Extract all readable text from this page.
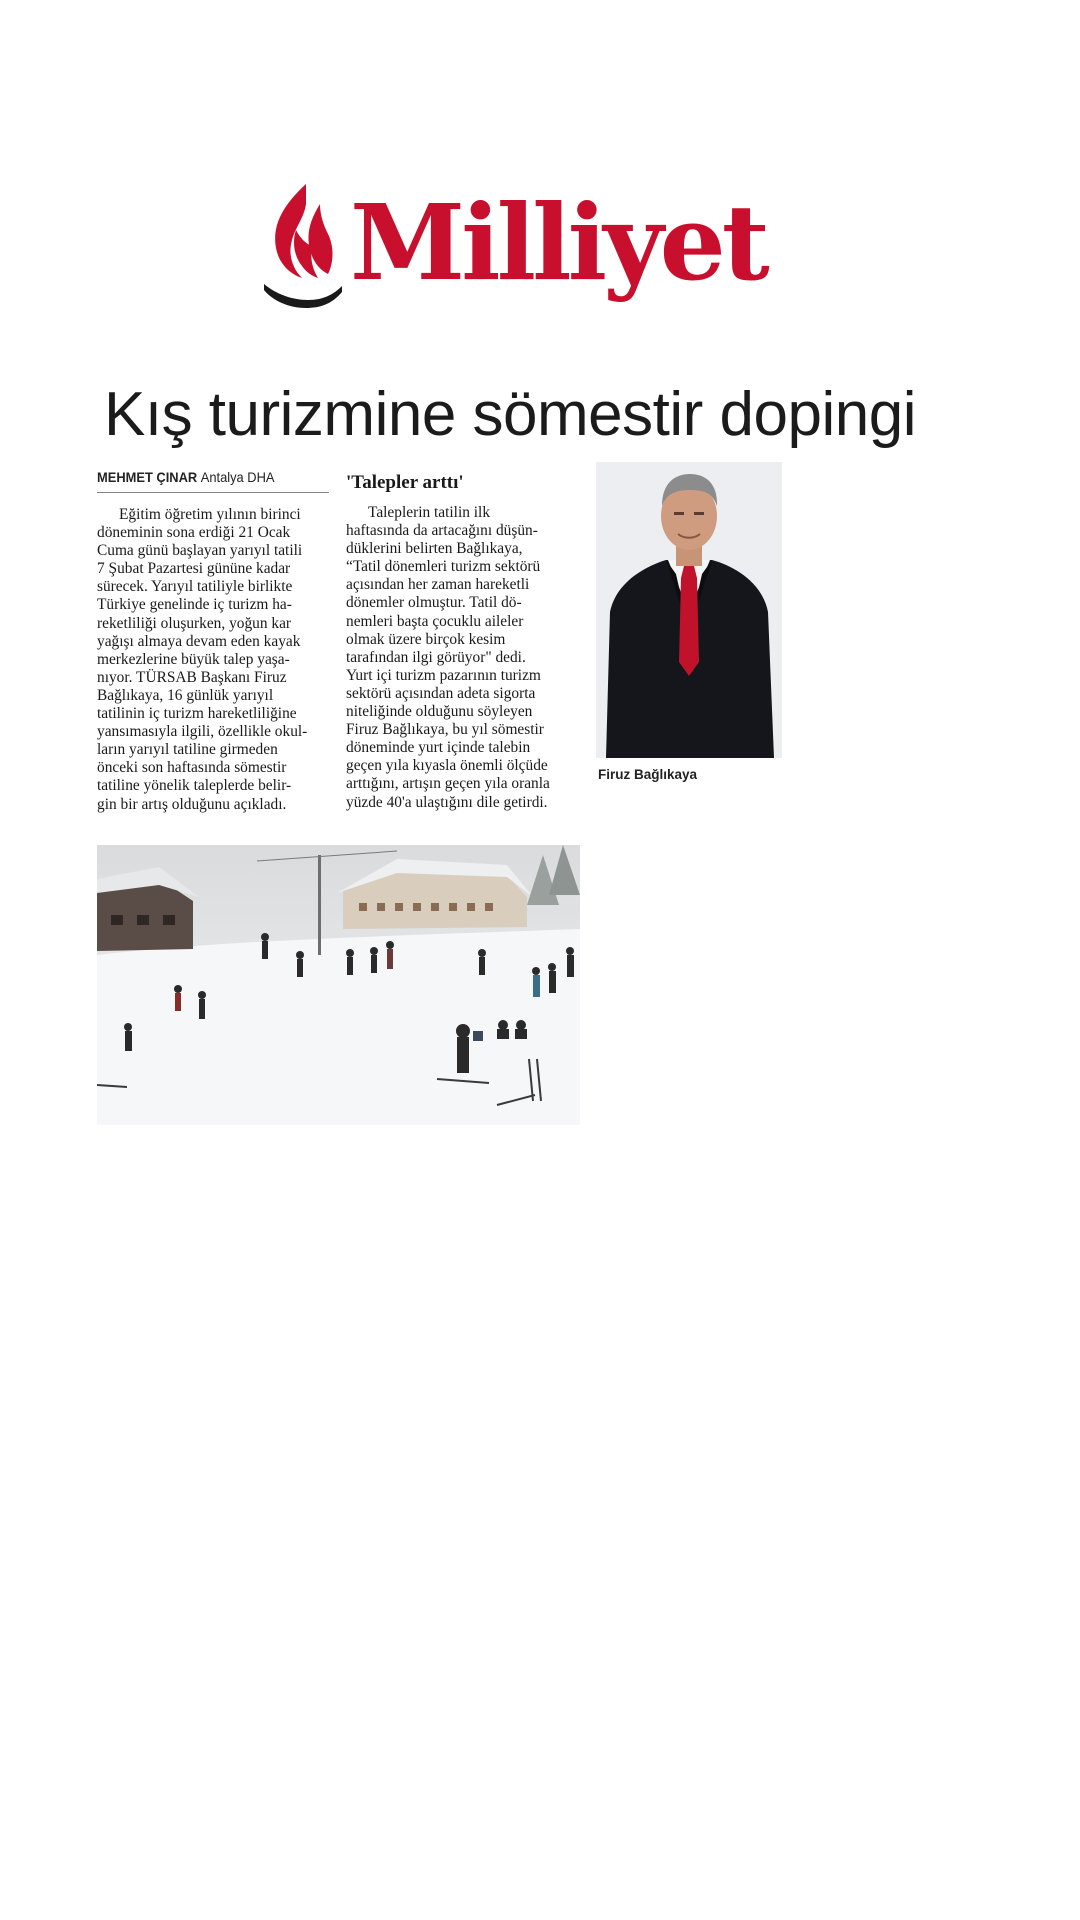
Milliyet
Kış turizmine sömestir dopingi
MEHMET ÇINAR Antalya DHA
Eğitim öğretim yılının birinci
döneminin sona erdiği 21 Ocak
Cuma günü başlayan yarıyıl tatili
7 Şubat Pazartesi gününe kadar
sürecek. Yarıyıl tatiliyle birlikte
Türkiye genelinde iç turizm ha-
reketliliği oluşurken, yoğun kar
yağışı almaya devam eden kayak
merkezlerine büyük talep yaşa-
nıyor. TÜRSAB Başkanı Firuz
Bağlıkaya, 16 günlük yarıyıl
tatilinin iç turizm hareketliliğine
yansımasıyla ilgili, özellikle okul-
ların yarıyıl tatiline girmeden
önceki son haftasında sömestir
tatiline yönelik taleplerde belir-
gin bir artış olduğunu açıkladı.
'Talepler arttı'
Taleplerin tatilin ilk
haftasında da artacağını düşün-
düklerini belirten Bağlıkaya,
“Tatil dönemleri turizm sektörü
açısından her zaman hareketli
dönemler olmuştur. Tatil dö-
nemleri başta çocuklu aileler
olmak üzere birçok kesim
tarafından ilgi görüyor" dedi.
Yurt içi turizm pazarının turizm
sektörü açısından adeta sigorta
niteliğinde olduğunu söyleyen
Firuz Bağlıkaya, bu yıl sömestir
döneminde yurt içinde talebin
geçen yıla kıyasla önemli ölçüde
arttığını, artışın geçen yıla oranla
yüzde 40'a ulaştığını dile getirdi.
Firuz Bağlıkaya
